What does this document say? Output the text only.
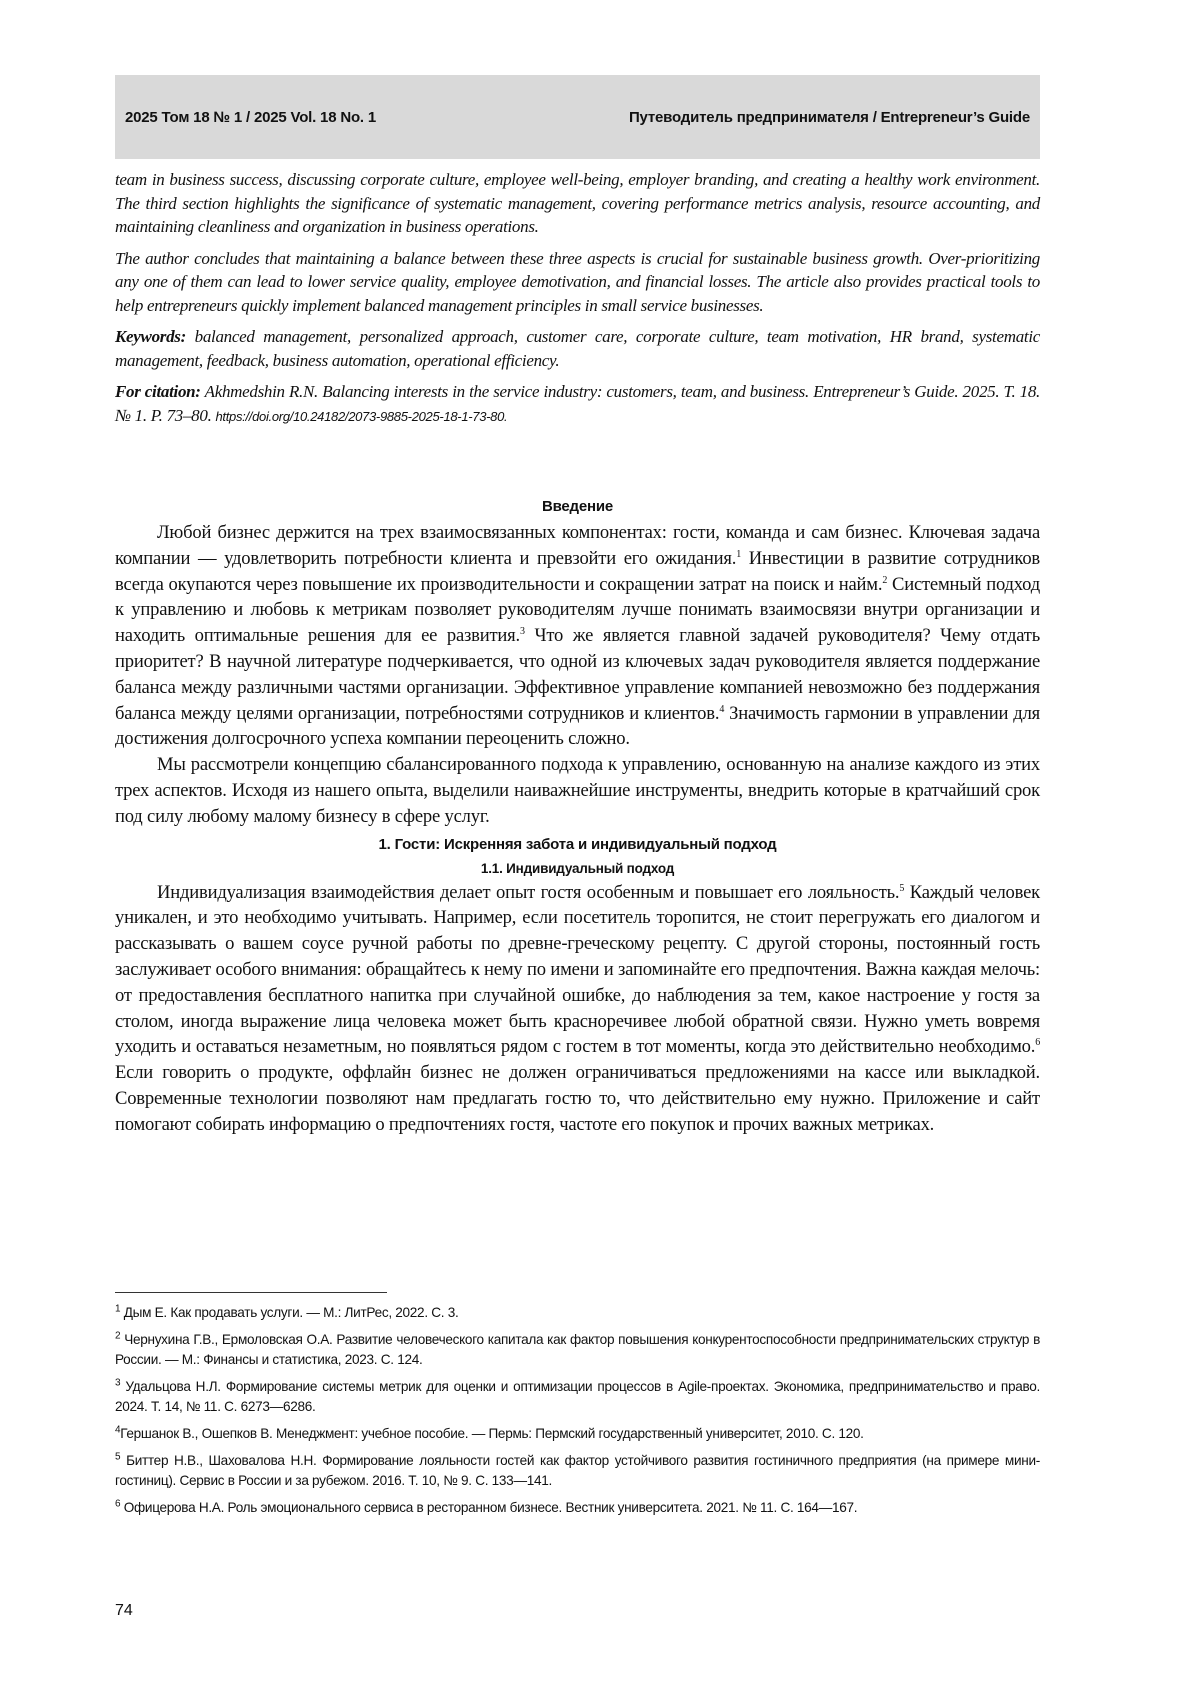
2025 Том 18 № 1 / 2025 Vol. 18 No. 1	Путеводитель предпринимателя / Entrepreneur’s Guide

team in business success, discussing corporate culture, employee well-being, employer branding, and creating a healthy work environment. The third section highlights the significance of systematic management, covering performance metrics analysis, resource accounting, and maintaining cleanliness and organization in business operations.

The author concludes that maintaining a balance between these three aspects is crucial for sustainable business growth. Over-prioritizing any one of them can lead to lower service quality, employee demotivation, and financial losses. The article also provides practical tools to help entrepreneurs quickly implement balanced management principles in small service businesses.

Keywords: balanced management, personalized approach, customer care, corporate culture, team motivation, HR brand, systematic management, feedback, business automation, operational efficiency.

For citation: Akhmedshin R.N. Balancing interests in the service industry: customers, team, and business. Entrepreneur’s Guide. 2025. T. 18. № 1. P. 73–80. https://doi.org/10.24182/2073-9885-2025-18-1-73-80.

Введение

Любой бизнес держится на трех взаимосвязанных компонентах: гости, команда и сам бизнес. Ключевая задача компании — удовлетворить потребности клиента и превзойти его ожидания.1 Инвестиции в развитие сотрудников всегда окупаются через повышение их производительности и сокращении затрат на поиск и найм.2 Системный подход к управлению и любовь к метрикам позволяет руководителям лучше понимать взаимосвязи внутри организации и находить оптимальные решения для ее развития.3 Что же является главной задачей руководителя? Чему отдать приоритет? В научной литературе подчеркивается, что одной из ключевых задач руководителя является поддержание баланса между различными частями организации. Эффективное управление компанией невозможно без поддержания баланса между целями организации, потребностями сотрудников и клиентов.4 Значимость гармонии в управлении для достижения долгосрочного успеха компании переоценить сложно.

Мы рассмотрели концепцию сбалансированного подхода к управлению, основанную на анализе каждого из этих трех аспектов. Исходя из нашего опыта, выделили наиважнейшие инструменты, внедрить которые в кратчайший срок под силу любому малому бизнесу в сфере услуг.

1. Гости: Искренняя забота и индивидуальный подход
1.1. Индивидуальный подход

Индивидуализация взаимодействия делает опыт гостя особенным и повышает его лояльность.5 Каждый человек уникален, и это необходимо учитывать. Например, если посетитель торопится, не стоит перегружать его диалогом и рассказывать о вашем соусе ручной работы по древне-греческому рецепту. С другой стороны, постоянный гость заслуживает особого внимания: обращайтесь к нему по имени и запоминайте его предпочтения. Важна каждая мелочь: от предоставления бесплатного напитка при случайной ошибке, до наблюдения за тем, какое настроение у гостя за столом, иногда выражение лица человека может быть красноречивее любой обратной связи. Нужно уметь вовремя уходить и оставаться незаметным, но появляться рядом с гостем в тот моменты, когда это действительно необходимо.6 Если говорить о продукте, оффлайн бизнес не должен ограничиваться предложениями на кассе или выкладкой. Современные технологии позволяют нам предлагать гостю то, что действительно ему нужно. Приложение и сайт помогают собирать информацию о предпочтениях гостя, частоте его покупок и прочих важных метриках.

1 Дым Е. Как продавать услуги. — М.: ЛитРес, 2022. С. 3.
2 Чернухина Г.В., Ермоловская О.А. Развитие человеческого капитала как фактор повышения конкурентоспособности предпринимательских структур в России. — М.: Финансы и статистика, 2023. С. 124.
3 Удальцова Н.Л. Формирование системы метрик для оценки и оптимизации процессов в Agile-проектах. Экономика, предпринимательство и право. 2024. Т. 14, № 11. С. 6273—6286.
4Гершанок В., Ошепков В. Менеджмент: учебное пособие. — Пермь: Пермский государственный университет, 2010. С. 120.
5 Биттер Н.В., Шаховалова Н.Н. Формирование лояльности гостей как фактор устойчивого развития гостиничного предприятия (на примере мини-гостиниц). Сервис в России и за рубежом. 2016. Т. 10, № 9. С. 133—141.
6 Офицерова Н.А. Роль эмоционального сервиса в ресторанном бизнесе. Вестник университета. 2021. № 11. С. 164—167.
74
